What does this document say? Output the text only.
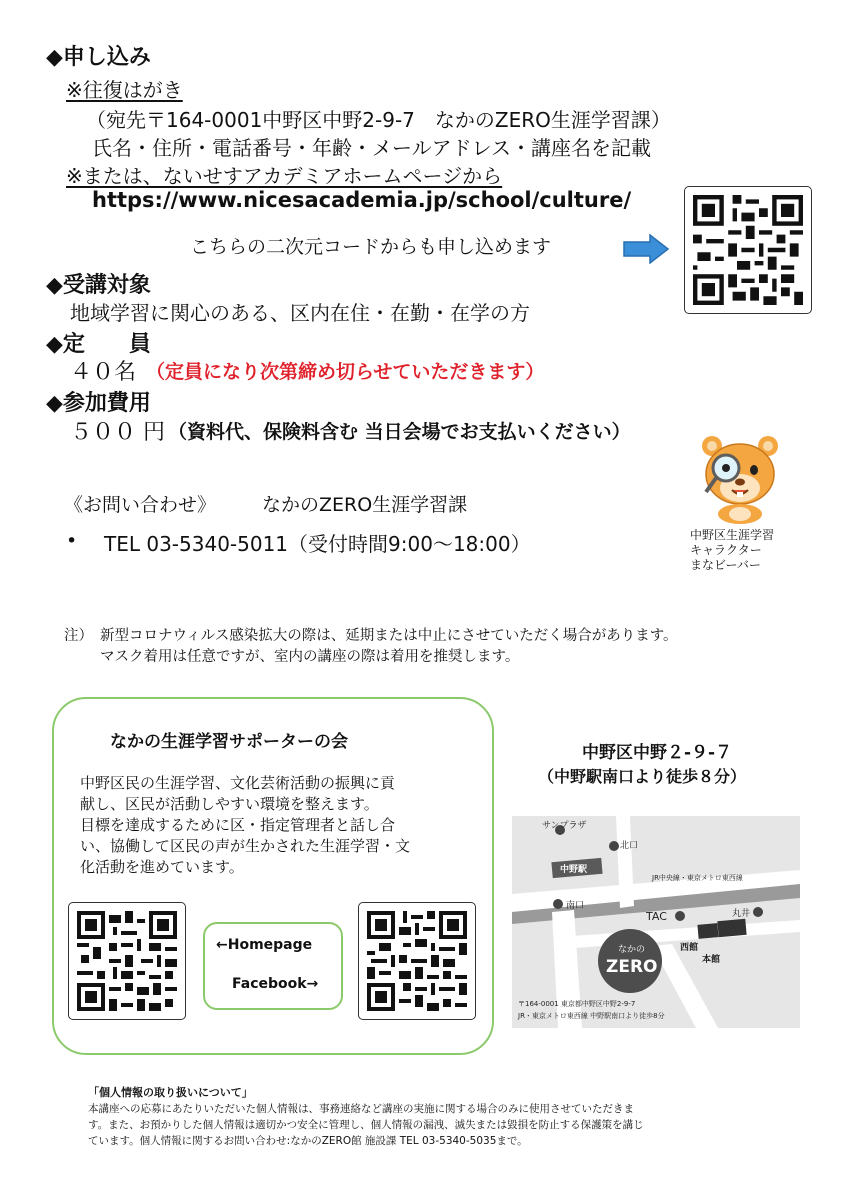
◆申し込み
※往復はがき
（宛先〒164-0001中野区中野2-9-7　なかのZERO生涯学習課）
氏名・住所・電話番号・年齢・メールアドレス・講座名を記載
※または、ないせすアカデミアホームページから
https://www.nicesacademia.jp/school/culture/
こちらの二次元コードからも申し込めます
◆受講対象
地域学習に関心のある、区内在住・在勤・在学の方
◆定　　員
４０名 （定員になり次第締め切らせていただきます）
◆参加費用
５００ 円 （資料代、保険料含む 当日会場でお支払いください）
《お問い合わせ》 なかのZERO生涯学習課
• TEL 03-5340-5011（受付時間9:00～18:00）	中野区生涯学習
キャラクター
まなビーバー
注） 新型コロナウィルス感染拡大の際は、延期または中止にさせていただく場合があります。
マスク着用は任意ですが、室内の講座の際は着用を推奨します。
なかの生涯学習サポーターの会
中野区民の生涯学習、文化芸術活動の振興に貢
献し、区民が活動しやすい環境を整えます。
目標を達成するために区・指定管理者と話し合
い、協働して区民の声が生かされた生涯学習・文
化活動を進めています。
←Homepage
Facebook→
中野区中野２-９-７
（中野駅南口より徒歩８分）
サンプラザ
北口
中野駅
JR中央線・東京メトロ東西線
南口
TAC	丸井
西館
本館
なかの
ZERO
〒164-0001 東京都中野区中野2-9-7
JR・東京メトロ東西線 中野駅南口より徒歩8分
「個人情報の取り扱いについて」
本講座への応募にあたりいただいた個人情報は、事務連絡など講座の実施に関する場合のみに使用させていただきま
す。また、お預かりした個人情報は適切かつ安全に管理し、個人情報の漏洩、滅失または毀損を防止する保護策を講じ
ています。個人情報に関するお問い合わせ:なかのZERO館 施設課 TEL 03-5340-5035まで。
